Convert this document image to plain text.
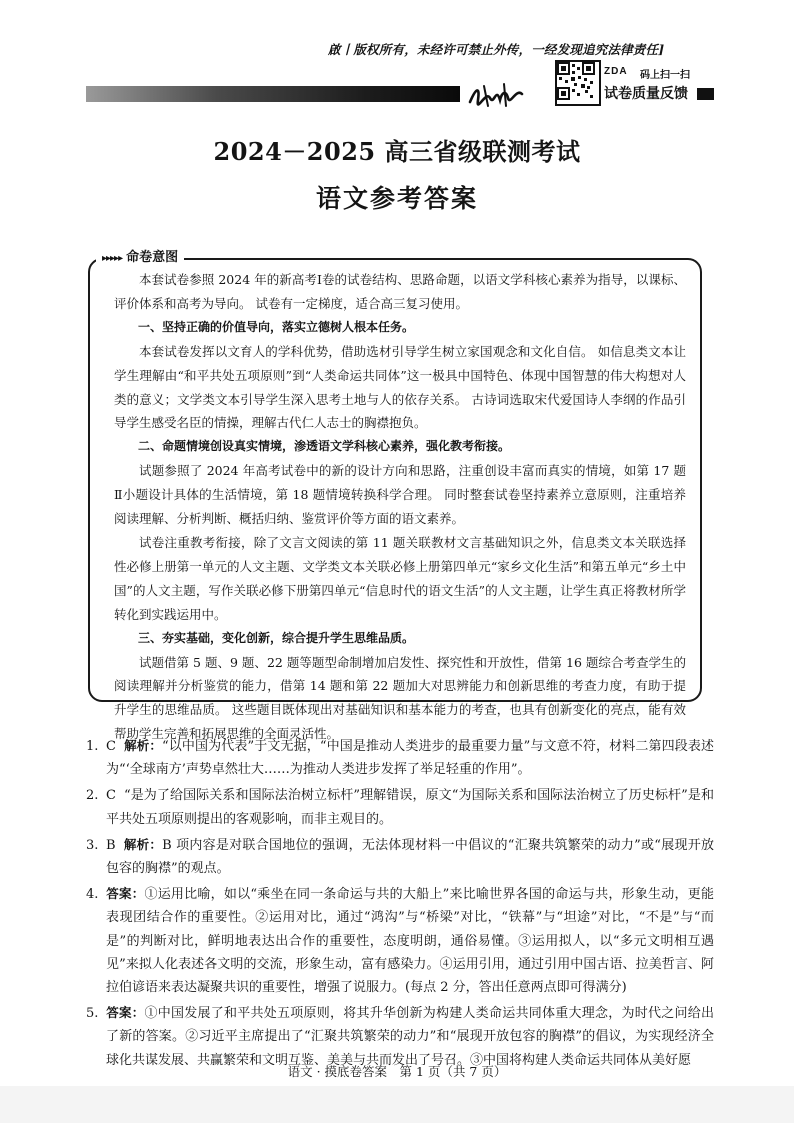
啟丨版权所有，未经许可禁止外传，一经发现追究法律责任]
ZDA 码上扫一扫
试卷质量反馈
2024－2025 高三省级联测考试
语文参考答案
▸▸▸▸▸ 命卷意图

本套试卷参照 2024 年的新高考Ⅰ卷的试卷结构、思路命题，以语文学科核心素养为指导，以课标、评价体系和高考为导向。 试卷有一定梯度，适合高三复习使用。

一、坚持正确的价值导向，落实立德树人根本任务。

本套试卷发挥以文育人的学科优势，借助选材引导学生树立家国观念和文化自信。 如信息类文本让学生理解由“和平共处五项原则”到“人类命运共同体”这一极具中国特色、体现中国智慧的伟大构想对人类的意义；文学类文本引导学生深入思考土地与人的依存关系。 古诗词选取宋代爱国诗人李纲的作品引导学生感受名臣的情操，理解古代仁人志士的胸襟抱负。

二、命题情境创设真实情境，渗透语文学科核心素养，强化教考衔接。

试题参照了 2024 年高考试卷中的新的设计方向和思路，注重创设丰富而真实的情境，如第 17 题Ⅱ小题设计具体的生活情境，第 18 题情境转换科学合理。 同时整套试卷坚持素养立意原则，注重培养阅读理解、分析判断、概括归纳、鉴赏评价等方面的语文素养。

试卷注重教考衔接，除了文言文阅读的第 11 题关联教材文言基础知识之外，信息类文本关联选择性必修上册第一单元的人文主题、文学类文本关联必修上册第四单元“家乡文化生活”和第五单元“乡土中国”的人文主题，写作关联必修下册第四单元“信息时代的语文生活”的人文主题，让学生真正将教材所学转化到实践运用中。

三、夯实基础，变化创新，综合提升学生思维品质。

试题借第 5 题、9 题、22 题等题型命制增加启发性、探究性和开放性，借第 16 题综合考查学生的阅读理解并分析鉴赏的能力，借第 14 题和第 22 题加大对思辨能力和创新思维的考查力度，有助于提升学生的思维品质。 这些题目既体现出对基础知识和基本能力的考查，也具有创新变化的亮点，能有效帮助学生完善和拓展思维的全面灵活性。

1. C 解析：“以中国为代表”于文无据，“中国是推动人类进步的最重要力量”与文意不符，材料二第四段表述为“‘全球南方’声势卓然壮大……为推动人类进步发挥了举足轻重的作用”。

2. C “是为了给国际关系和国际法治树立标杆”理解错误，原文“为国际关系和国际法治树立了历史标杆”是和平共处五项原则提出的客观影响，而非主观目的。

3. B 解析：B 项内容是对联合国地位的强调，无法体现材料一中倡议的“汇聚共筑繁荣的动力”或“展现开放包容的胸襟”的观点。

4. 答案：①运用比喻，如以“乘坐在同一条命运与共的大船上”来比喻世界各国的命运与共，形象生动，更能表现团结合作的重要性。②运用对比，通过“鸿沟”与“桥梁”对比，“铁幕”与“坦途”对比，“不是”与“而是”的判断对比，鲜明地表达出合作的重要性，态度明朗，通俗易懂。③运用拟人，以“多元文明相互遇见”来拟人化表述各文明的交流，形象生动，富有感染力。④运用引用，通过引用中国古语、拉美哲言、阿拉伯谚语来表达凝聚共识的重要性，增强了说服力。(每点 2 分，答出任意两点即可得满分)

5. 答案：①中国发展了和平共处五项原则，将其升华创新为构建人类命运共同体重大理念，为时代之问给出了新的答案。②习近平主席提出了“汇聚共筑繁荣的动力”和“展现开放包容的胸襟”的倡议，为实现经济全球化共谋发展、共赢繁荣和文明互鉴、美美与共而发出了号召。③中国将构建人类命运共同体从美好愿

语文 · 摸底卷答案　第 1 页（共 7 页）
